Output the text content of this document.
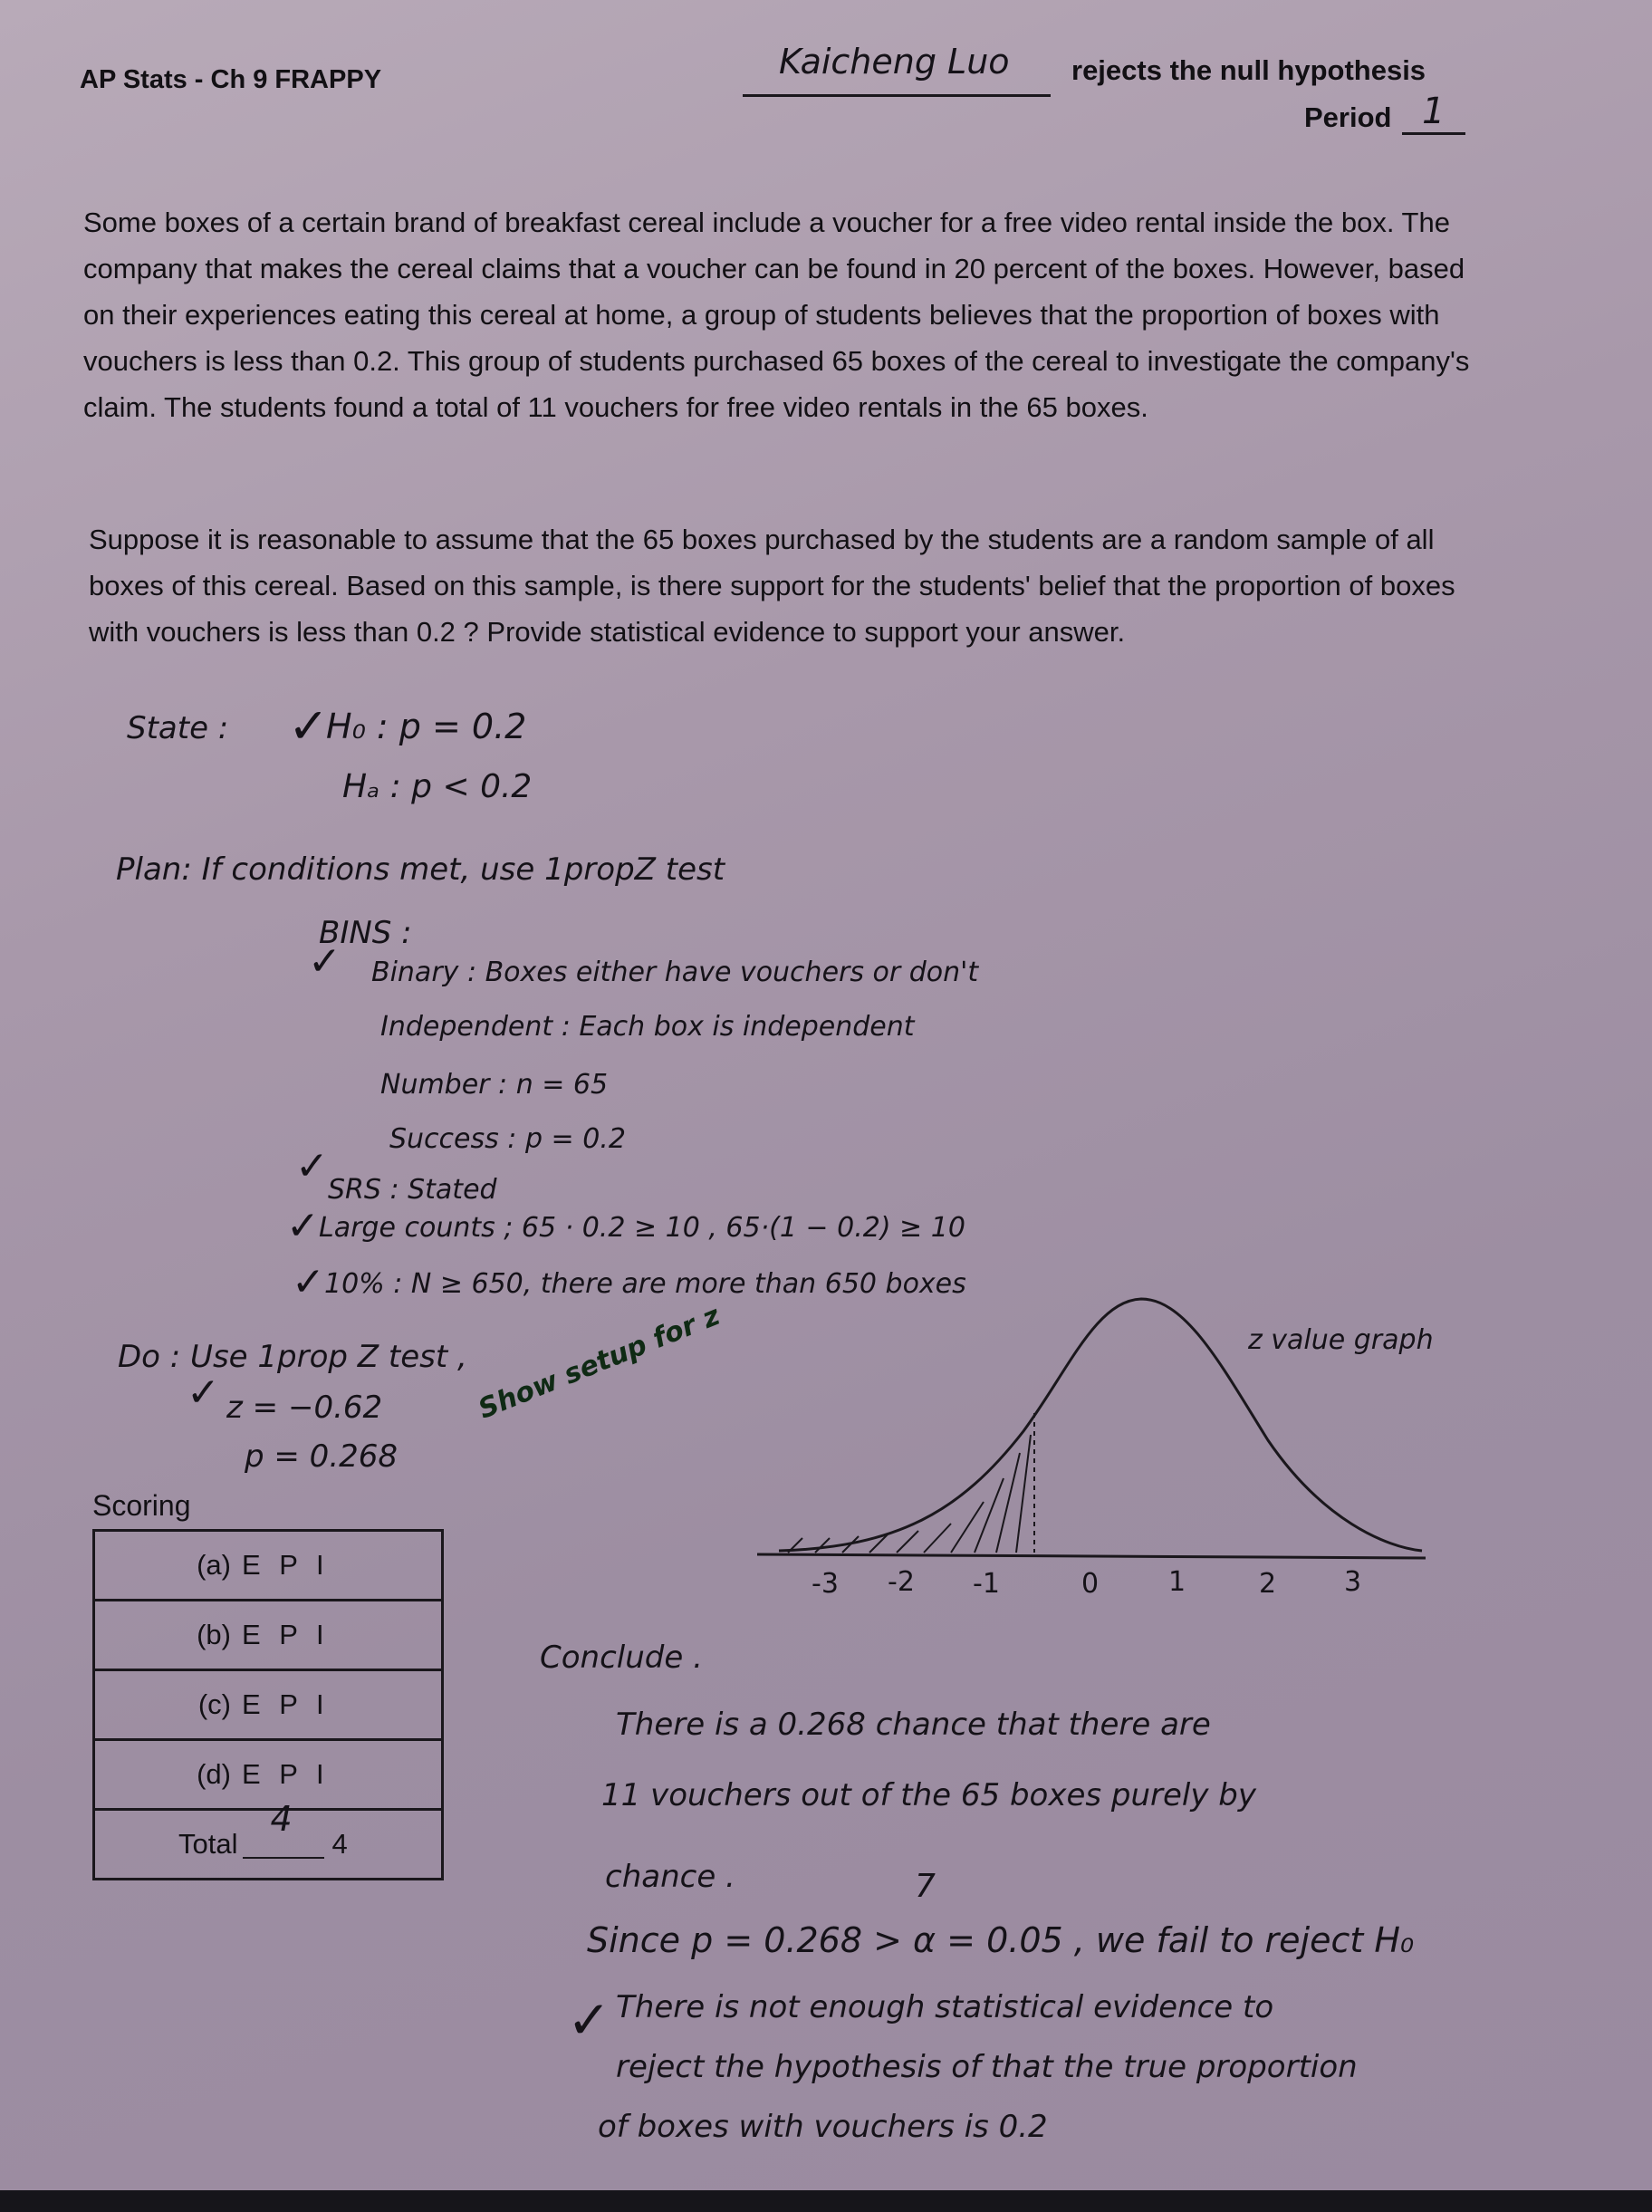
AP Stats - Ch 9 FRAPPY	Kaicheng Luo rejects the null hypothesis
Period 1
Some boxes of a certain brand of breakfast cereal include a voucher for a free video rental inside the box. The company that makes the cereal claims that a voucher can be found in 20 percent of the boxes. However, based on their experiences eating this cereal at home, a group of students believes that the proportion of boxes with vouchers is less than 0.2. This group of students purchased 65 boxes of the cereal to investigate the company's claim. The students found a total of 11 vouchers for free video rentals in the 65 boxes.
Suppose it is reasonable to assume that the 65 boxes purchased by the students are a random sample of all boxes of this cereal. Based on this sample, is there support for the students' belief that the proportion of boxes with vouchers is less than 0.2 ? Provide statistical evidence to support your answer.
State : ✓
H₀ : p = 0.2
Hₐ : p < 0.2
Plan: If conditions met, use 1propZ test
BINS :
✓ Binary : Boxes either have vouchers or don't
Independent : Each box is independent
Number : n = 65
Success : p = 0.2
✓
SRS : Stated
✓ Large counts ; 65 · 0.2 ≥ 10 , 65·(1 − 0.2) ≥ 10
✓ 10% : N ≥ 650, there are more than 650 boxes
Do : Use 1prop Z test ,
✓ z = −0.62
p = 0.268
Show setup for z	z value graph
-3 -2 -1	0	1	2 3
Scoring
(a) E P I
(b) E P I
(c) E P I
(d) E P I
Total
4
4
Conclude .
There is a 0.268 chance that there are
11 vouchers out of the 65 boxes purely by
chance .	7
Since p = 0.268 > α = 0.05 , we fail to reject H₀
✓ There is not enough statistical evidence to
reject the hypothesis of that the true proportion
of boxes with vouchers is 0.2
